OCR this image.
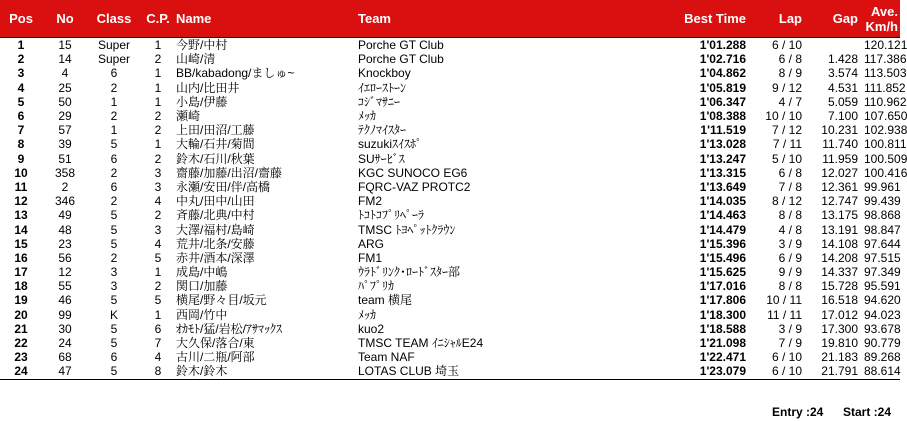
Pos	No	Class	C.P.	Name	Team	Best Time	Lap	Gap	Ave.
Km/h
1	15	Super	1	今野/中村	Porche GT Club	1'01.288	6 / 10		120.121
2	14	Super	2	山崎/清	Porche GT Club	1'02.716	6 / 8	1.428	117.386
3	4	6	1	BB/kabadong/ましゅ~	Knockboy	1'04.862	8 / 9	3.574	113.503
4	25	2	1	山内/比田井	ｲｴﾛｰｽﾄｰﾝ	1'05.819	9 / 12	4.531	111.852
5	50	1	1	小島/伊藤	ｺｼﾞﾏｻﾆｰ	1'06.347	4 / 7	5.059	110.962
6	29	2	2	瀬崎	ﾒｯｶ	1'08.388	10 / 10	7.100	107.650
7	57	1	2	上田/田沼/工藤	ﾃｸﾉﾏｲｽﾀｰ	1'11.519	7 / 12	10.231	102.938
8	39	5	1	大輪/石井/菊間	suzukiｽｲｽﾎﾟ	1'13.028	7 / 11	11.740	100.811
9	51	6	2	鈴木/石川/秋葉	SUｻｰﾋﾞｽ	1'13.247	5 / 10	11.959	100.509
10	358	2	3	齋藤/加藤/出沼/齋藤	KGC SUNOCO EG6	1'13.315	6 / 8	12.027	100.416
11	2	6	3	永瀬/安田/伴/高橋	FQRC-VAZ PROTC2	1'13.649	7 / 8	12.361	99.961
12	346	2	4	中丸/田中/山田	FM2	1'14.035	8 / 12	12.747	99.439
13	49	5	2	斉藤/北典/中村	ﾄｺﾄｺﾌﾟﾘﾍﾟｰﾗ	1'14.463	8 / 8	13.175	98.868
14	48	5	3	大澤/福村/島崎	TMSC ﾄﾖﾍﾟｯﾄｸﾗｳﾝ	1'14.479	4 / 8	13.191	98.847
15	23	5	4	荒井/北条/安藤	ARG	1'15.396	3 / 9	14.108	97.644
16	56	2	5	赤井/酒本/深澤	FM1	1'15.496	6 / 9	14.208	97.515
17	12	3	1	成島/中嶋	ｳﾗﾄﾞﾘﾝｸ･ﾛｰﾄﾞｽﾀｰ部	1'15.625	9 / 9	14.337	97.349
18	55	3	2	関口/加藤	ﾊﾟﾌﾟﾘｶ	1'17.016	8 / 8	15.728	95.591
19	46	5	5	横尾/野々目/坂元	team 横尾	1'17.806	10 / 11	16.518	94.620
20	99	K	1	西岡/竹中	ﾒｯｶ	1'18.300	11 / 11	17.012	94.023
21	30	5	6	ｵｶﾓﾄ/猛/岩松/ｱｻﾏｯｸｽ	kuo2	1'18.588	3 / 9	17.300	93.678
22	24	5	7	大久保/落合/東	TMSC TEAM ｲﾆｼｬﾙE24	1'21.098	7 / 9	19.810	90.779
23	68	6	4	古川/二瓶/阿部	Team NAF	1'22.471	6 / 10	21.183	89.268
24	47	5	8	鈴木/鈴木	LOTAS CLUB 埼玉	1'23.079	6 / 10	21.791	88.614
Entry :24 Start :24
